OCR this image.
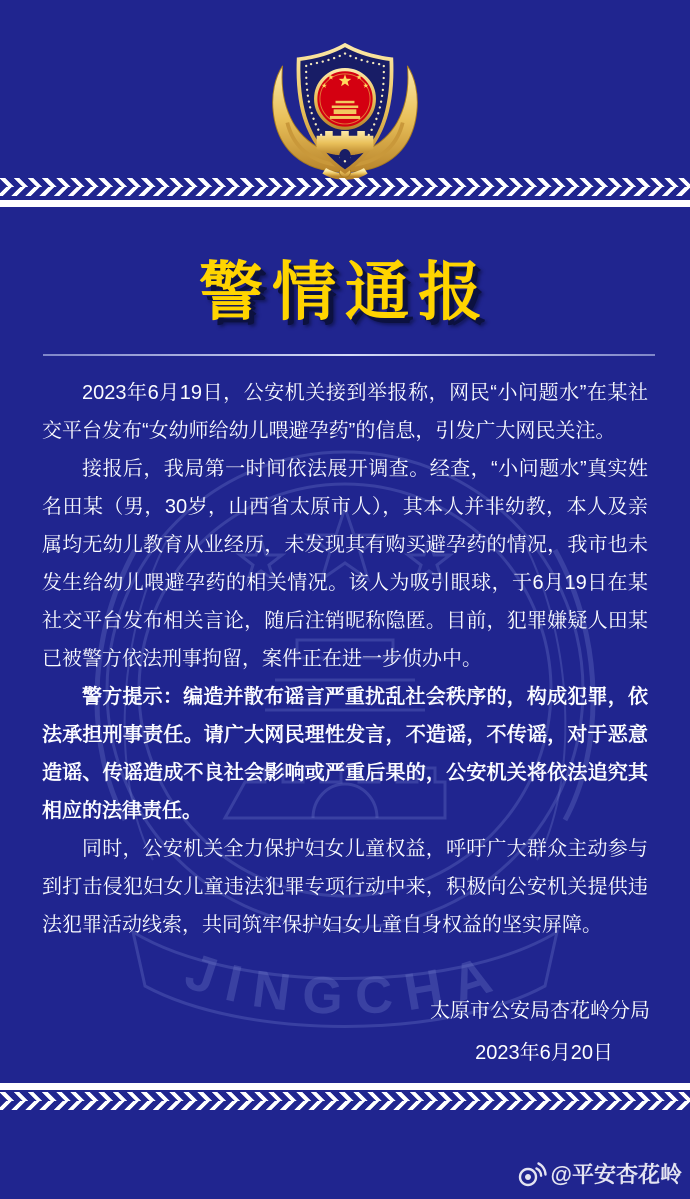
JINGCHA
警情通报

2023年6月19日，公安机关接到举报称，网民“小问题水”在某社交平台发布“女幼师给幼儿喂避孕药”的信息，引发广大网民关注。

接报后，我局第一时间依法展开调查。经查，“小问题水”真实姓名田某（男，30岁，山西省太原市人），其本人并非幼教，本人及亲属均无幼儿教育从业经历，未发现其有购买避孕药的情况，我市也未发生给幼儿喂避孕药的相关情况。该人为吸引眼球，于6月19日在某社交平台发布相关言论，随后注销昵称隐匿。目前，犯罪嫌疑人田某已被警方依法刑事拘留，案件正在进一步侦办中。

警方提示：编造并散布谣言严重扰乱社会秩序的，构成犯罪，依法承担刑事责任。请广大网民理性发言，不造谣，不传谣，对于恶意造谣、传谣造成不良社会影响或严重后果的，公安机关将依法追究其相应的法律责任。

同时，公安机关全力保护妇女儿童权益，呼吁广大群众主动参与到打击侵犯妇女儿童违法犯罪专项行动中来，积极向公安机关提供违法犯罪活动线索，共同筑牢保护妇女儿童自身权益的坚实屏障。

太原市公安局杏花岭分局
2023年6月20日
@平安杏花岭
